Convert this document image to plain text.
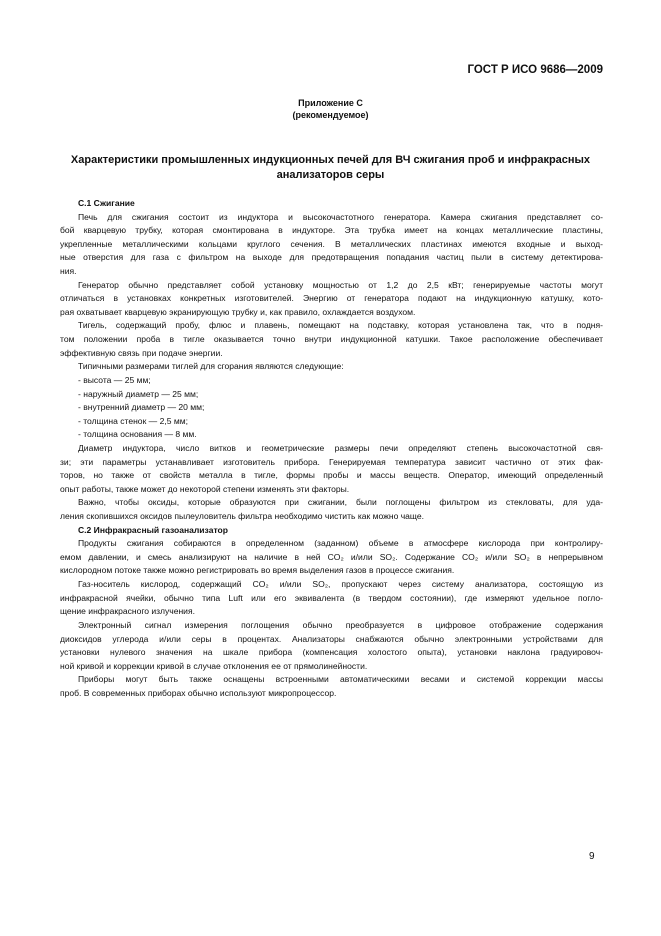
ГОСТ Р ИСО 9686—2009
Приложение С
(рекомендуемое)
Характеристики промышленных индукционных печей для ВЧ сжигания проб и инфракрасных
анализаторов серы
С.1 Сжигание
Печь для сжигания состоит из индуктора и высокочастотного генератора. Камера сжигания представляет со-
бой кварцевую трубку, которая смонтирована в индукторе. Эта трубка имеет на концах металлические пластины,
укрепленные металлическими кольцами круглого сечения. В металлических пластинах имеются входные и выход-
ные отверстия для газа с фильтром на выходе для предотвращения попадания частиц пыли в систему детектирова-
ния.
Генератор обычно представляет собой установку мощностью от 1,2 до 2,5 кВт; генерируемые частоты могут
отличаться в установках конкретных изготовителей. Энергию от генератора подают на индукционную катушку, кото-
рая охватывает кварцевую экранирующую трубку и, как правило, охлаждается воздухом.
Тигель, содержащий пробу, флюс и плавень, помещают на подставку, которая установлена так, что в подня-
том положении проба в тигле оказывается точно внутри индукционной катушки. Такое расположение обеспечивает
эффективную связь при подаче энергии.
Типичными размерами тиглей для сгорания являются следующие:
- высота — 25 мм;
- наружный диаметр — 25 мм;
- внутренний диаметр — 20 мм;
- толщина стенок — 2,5 мм;
- толщина основания — 8 мм.
Диаметр индуктора, число витков и геометрические размеры печи определяют степень высокочастотной свя-
зи; эти параметры устанавливает изготовитель прибора. Генерируемая температура зависит частично от этих фак-
торов, но также от свойств металла в тигле, формы пробы и массы веществ. Оператор, имеющий определенный
опыт работы, также может до некоторой степени изменять эти факторы.
Важно, чтобы оксиды, которые образуются при сжигании, были поглощены фильтром из стекловаты, для уда-
ления скопившихся оксидов пылеуловитель фильтра необходимо чистить как можно чаще.
С.2 Инфракрасный газоанализатор
Продукты сжигания собираются в определенном (заданном) объеме в атмосфере кислорода при контролиру-
емом давлении, и смесь анализируют на наличие в ней CO₂ и/или SO₂. Содержание CO₂ и/или SO₂ в непрерывном
кислородном потоке также можно регистрировать во время выделения газов в процессе сжигания.
Газ-носитель кислород, содержащий CO₂ и/или SO₂, пропускают через систему анализатора, состоящую из
инфракрасной ячейки, обычно типа Luft или его эквивалента (в твердом состоянии), где измеряют удельное погло-
щение инфракрасного излучения.
Электронный сигнал измерения поглощения обычно преобразуется в цифровое отображение содержания
диоксидов углерода и/или серы в процентах. Анализаторы снабжаются обычно электронными устройствами для
установки нулевого значения на шкале прибора (компенсация холостого опыта), установки наклона градуировоч-
ной кривой и коррекции кривой в случае отклонения ее от прямолинейности.
Приборы могут быть также оснащены встроенными автоматическими весами и системой коррекции массы
проб. В современных приборах обычно используют микропроцессор.
9
